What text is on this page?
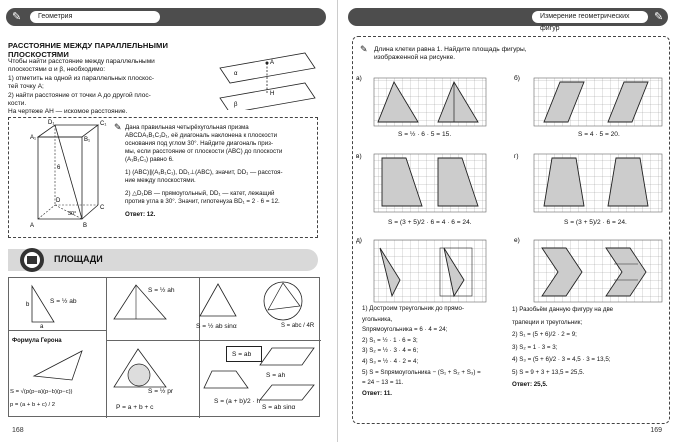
Геометрия
✎
РАССТОЯНИЕ МЕЖДУ ПАРАЛЛЕЛЬНЫМИ ПЛОСКОСТЯМИ
Чтобы найти расстояние между параллельными
плоскостями α и β, необходимо:
1) отметить на одной из параллельных плоскос-
тей точку A;
2) найти расстояние от точки A до другой плос-
кости.
На чертеже AH — искомое расстояние.
A
H
α
β
A₁
D₁	C₁
B₁
A	B
C
D
6
30°
✎ Дана правильная четырёхугольная призма
ABCDA₁B₁C₁D₁, её диагональ наклонена к плоскости
основания под углом 30°. Найдите диагональ приз-
мы, если расстояние от плоскости (ABC) до плоскости
(A₁B₁C₁) равно 6.
1) (ABC)∥(A₁B₁C₁), DD₁⊥(ABC), значит, DD₁ — расстоя-
ние между плоскостями.
2) △D₁DB — прямоугольный, DD₁ — катет, лежащий
против угла в 30°. Значит, гипотенуза BD₁ = 2 · 6 = 12.
Ответ: 12.
ПЛОЩАДИ
b
a
S = ½ ab
Формула Герона
S = √(p(p−a)(p−b)(p−c))
p = (a + b + c) / 2
S = ½ ah
S = ½ ab sinα	S = abc / 4R
S = ½ pr
P = a + b + c
S = ab
S = (a + b)/2 · h
S = ah
S = ab sinα
168
Измерение геометрических фигур
✎
✎ Длина клетки равна 1. Найдите площадь фигуры, изображенной на рисунке.
а)	б)
в)	г)
д)	е)
S = ½ · 6 · 5 = 15.	S = 4 · 5 = 20.
S = (3 + 5)/2 · 6 = 4 · 6 = 24.	S = (3 + 5)/2 · 6 = 24.
1) Достроим треугольник до прямо-
угольника,
Sпрямоугольника = 6 · 4 = 24;
2) S₁ = ½ · 1 · 6 = 3;
3) S₂ = ½ · 3 · 4 = 6;
4) S₃ = ½ · 4 · 2 = 4;
5) S = Sпрямоугольника − (S₁ + S₂ + S₃) =
= 24 − 13 = 11.
Ответ: 11.
1) Разобьём данную фигуру на две
трапеции и треугольник;
2) S₁ = (5 + 6)/2 · 2 = 9;
3) S₂ = 1 · 3 = 3;
4) S₃ = (5 + 6)/2 · 3 = 4,5 · 3 = 13,5;
5) S = 9 + 3 + 13,5 = 25,5.
Ответ: 25,5.
169
